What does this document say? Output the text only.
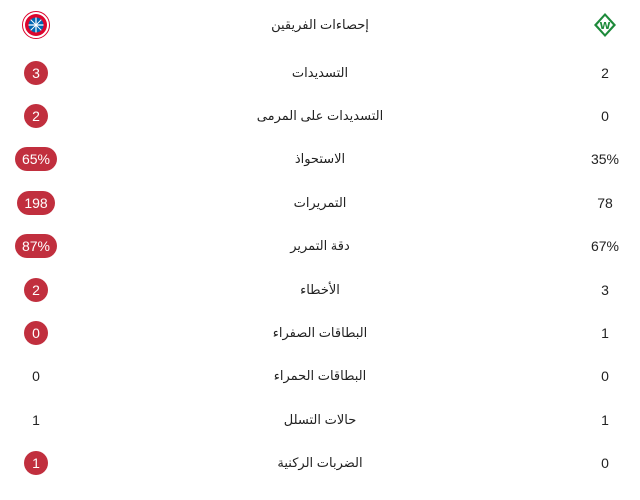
إحصاءات الفريقين	W
3	التسديدات	2
2	التسديدات على المرمى	0
65%	الاستحواذ	35%
198	التمريرات	78
87%	دقة التمرير	67%
2	الأخطاء	3
0	البطاقات الصفراء	1
0	البطاقات الحمراء	0
1	حالات التسلل	1
1	الضربات الركنية	0
